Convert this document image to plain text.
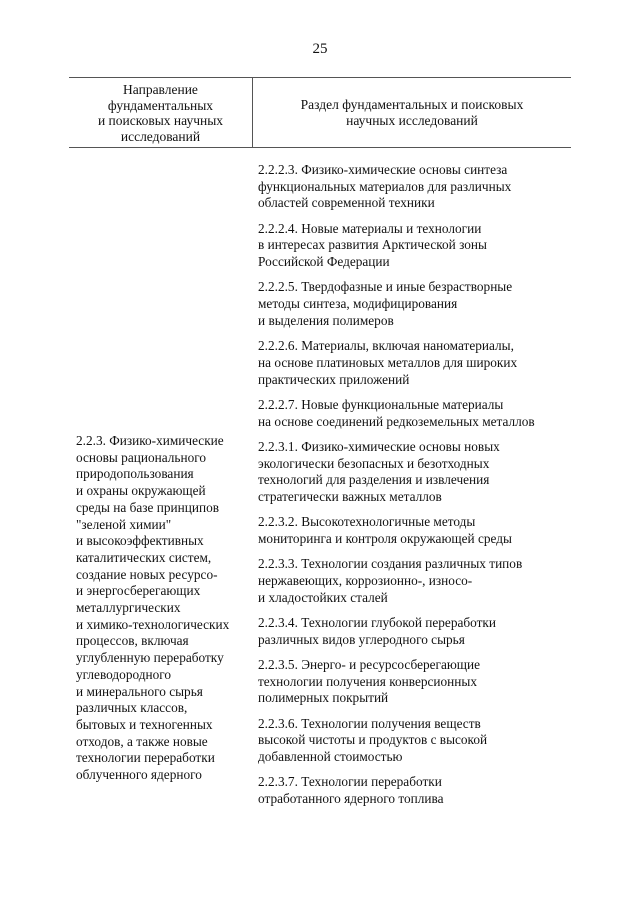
25
Направление
фундаментальных
и поисковых научных
исследований
Раздел фундаментальных и поисковых
научных исследований
2.2.2.3. Физико-химические основы синтеза
функциональных материалов для различных
областей современной техники
2.2.2.4. Новые материалы и технологии
в интересах развития Арктической зоны
Российской Федерации
2.2.2.5. Твердофазные и иные безрастворные
методы синтеза, модифицирования
и выделения полимеров
2.2.2.6. Материалы, включая наноматериалы,
на основе платиновых металлов для широких
практических приложений
2.2.2.7. Новые функциональные материалы
на основе соединений редкоземельных металлов
2.2.3.1. Физико-химические основы новых
экологически безопасных и безотходных
технологий для разделения и извлечения
стратегически важных металлов
2.2.3.2. Высокотехнологичные методы
мониторинга и контроля окружающей среды
2.2.3.3. Технологии создания различных типов
нержавеющих, коррозионно-, износо-
и хладостойких сталей
2.2.3.4. Технологии глубокой переработки
различных видов углеродного сырья
2.2.3.5. Энерго- и ресурсосберегающие
технологии получения конверсионных
полимерных покрытий
2.2.3.6. Технологии получения веществ
высокой чистоты и продуктов с высокой
добавленной стоимостью
2.2.3.7. Технологии переработки
отработанного ядерного топлива
2.2.3. Физико-химические
основы рационального
природопользования
и охраны окружающей
среды на базе принципов
"зеленой химии"
и высокоэффективных
каталитических систем,
создание новых ресурсо-
и энергосберегающих
металлургических
и химико-технологических
процессов, включая
углубленную переработку
углеводородного
и минерального сырья
различных классов,
бытовых и техногенных
отходов, а также новые
технологии переработки
облученного ядерного
